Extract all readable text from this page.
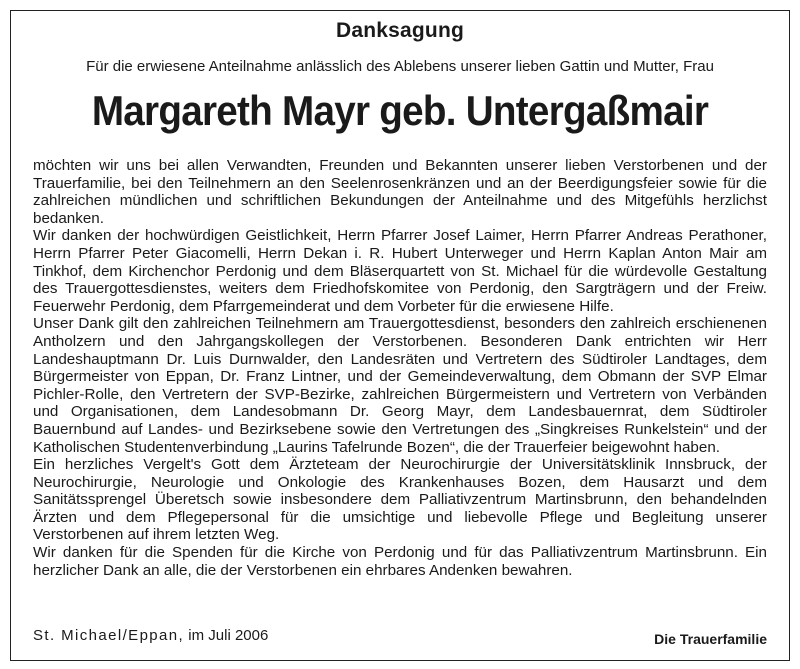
Danksagung
Für die erwiesene Anteilnahme anlässlich des Ablebens unserer lieben Gattin und Mutter, Frau
Margareth Mayr geb. Untergaßmair

möchten wir uns bei allen Verwandten, Freunden und Bekannten unserer lieben Verstorbenen und der Trauerfamilie, bei den Teilnehmern an den Seelenrosenkränzen und an der Beerdigungsfeier sowie für die zahlreichen mündlichen und schriftlichen Bekundungen der Anteilnahme und des Mitgefühls herzlichst bedanken.

Wir danken der hochwürdigen Geistlichkeit, Herrn Pfarrer Josef Laimer, Herrn Pfarrer Andreas Perathoner, Herrn Pfarrer Peter Giacomelli, Herrn Dekan i. R. Hubert Unterweger und Herrn Kaplan Anton Mair am Tinkhof, dem Kirchenchor Perdonig und dem Bläserquartett von St. Michael für die würdevolle Gestaltung des Trauergottesdienstes, weiters dem Friedhofskomitee von Perdonig, den Sargträgern und der Freiw. Feuerwehr Perdonig, dem Pfarrgemeinderat und dem Vorbeter für die erwiesene Hilfe.

Unser Dank gilt den zahlreichen Teilnehmern am Trauergottesdienst, besonders den zahlreich erschienenen Antholzern und den Jahrgangskollegen der Verstorbenen. Besonderen Dank entrichten wir Herr Landeshauptmann Dr. Luis Durnwalder, den Landesräten und Vertretern des Südtiroler Landtages, dem Bürgermeister von Eppan, Dr. Franz Lintner, und der Gemeindeverwaltung, dem Obmann der SVP Elmar Pichler-Rolle, den Vertretern der SVP-Bezirke, zahlreichen Bürgermeistern und Vertretern von Verbänden und Organisationen, dem Landesobmann Dr. Georg Mayr, dem Landesbauernrat, dem Südtiroler Bauernbund auf Landes- und Bezirksebene sowie den Vertretungen des „Singkreises Runkelstein“ und der Katholischen Studentenverbindung „Laurins Tafelrunde Bozen“, die der Trauerfeier beigewohnt haben.

Ein herzliches Vergelt's Gott dem Ärzteteam der Neurochirurgie der Universitätsklinik Innsbruck, der Neurochirurgie, Neurologie und Onkologie des Krankenhauses Bozen, dem Hausarzt und dem Sanitätssprengel Überetsch sowie insbesondere dem Palliativzentrum Martinsbrunn, den behandelnden Ärzten und dem Pflegepersonal für die umsichtige und liebevolle Pflege und Begleitung unserer Verstorbenen auf ihrem letzten Weg.

Wir danken für die Spenden für die Kirche von Perdonig und für das Palliativzentrum Martinsbrunn. Ein herzlicher Dank an alle, die der Verstorbenen ein ehrbares Andenken bewahren.

St. Michael/Eppan, im Juli 2006	Die Trauerfamilie
